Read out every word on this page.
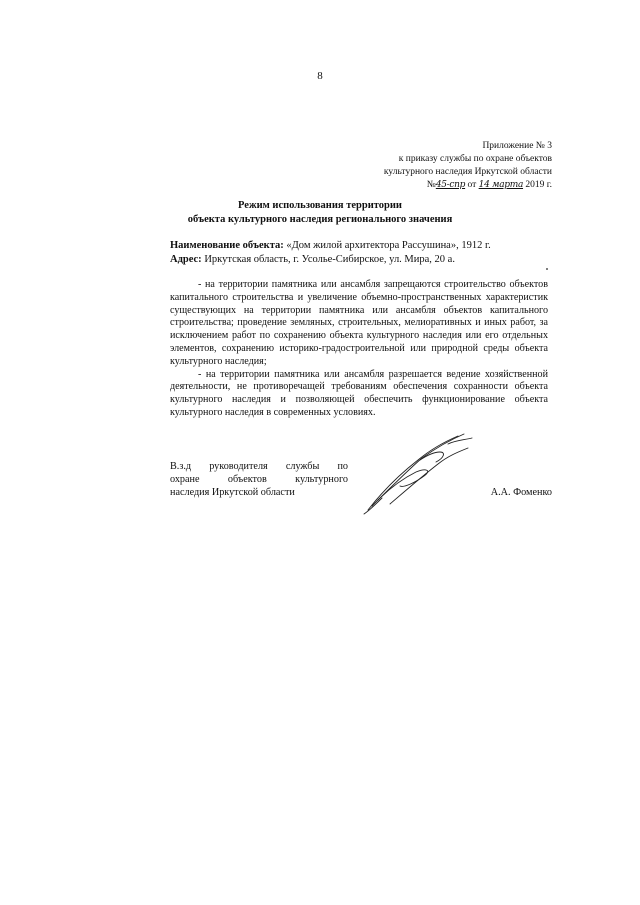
8
Приложение № 3
к приказу службы по охране объектов
культурного наследия Иркутской области
№45-спр от 14 марта 2019 г.
Режим использования территории
объекта культурного наследия регионального значения
Наименование объекта: «Дом жилой архитектора Рассушина», 1912 г.
Адрес: Иркутская область, г. Усолье-Сибирское, ул. Мира, 20 а.

- на территории памятника или ансамбля запрещаются строительство объектов капитального строительства и увеличение объемно-пространственных характеристик существующих на территории памятника или ансамбля объектов капитального строительства; проведение земляных, строительных, мелиоративных и иных работ, за исключением работ по сохранению объекта культурного наследия или его отдельных элементов, сохранению историко-градостроительной или природной среды объекта культурного наследия;

- на территории памятника или ансамбля разрешается ведение хозяйственной деятельности, не противоречащей требованиям обеспечения сохранности объекта культурного наследия и позволяющей обеспечить функционирование объекта культурного наследия в современных условиях.

В.з.д руководителя службы по
охране объектов культурного
наследия Иркутской области	А.А. Фоменко
